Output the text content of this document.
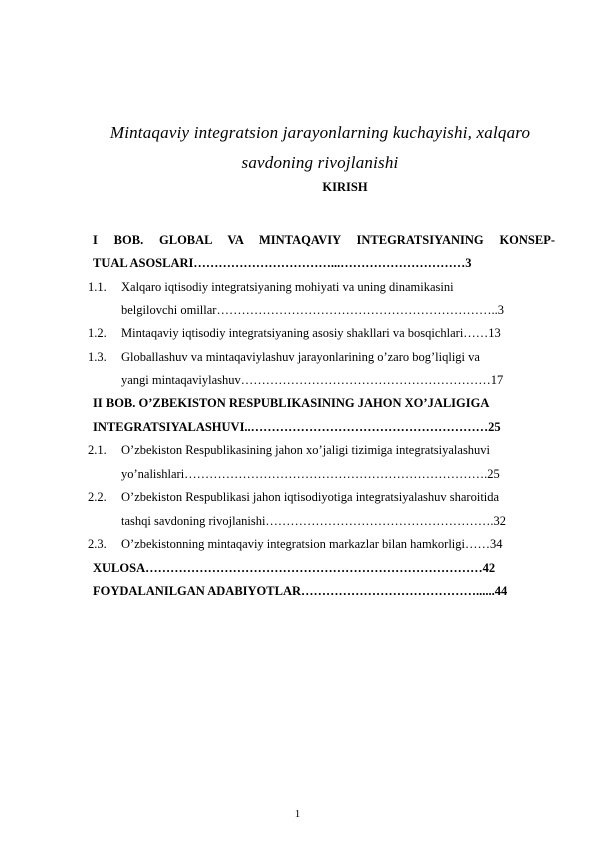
Mintaqaviy integratsion jarayonlarning kuchayishi, xalqaro
savdoning rivojlanishi
KIRISH
I BOB. GLOBAL VA MINTAQAVIY INTEGRATSIYANING KONSEP-
TUAL ASOSLARI……………………………...…………………………3
1.1. Xalqaro iqtisodiy integratsiyaning mohiyati va uning dinamikasini
belgilovchi omillar…………………………………………………………..3
1.2. Mintaqaviy iqtisodiy integratsiyaning asosiy shakllari va bosqichlari……13
1.3. Globallashuv va mintaqaviylashuv jarayonlarining o’zaro bog’liqligi va
yangi mintaqaviylashuv……………………………………………………17
II BOB. O’ZBEKISTON RESPUBLIKASINING JAHON XO’JALIGIGA
INTEGRATSIYALASHUVI..…………………………………………………25
2.1. O’zbekiston Respublikasining jahon xo’jaligi tizimiga integratsiyalashuvi
yo’nalishlari……………………………………………………………….25
2.2. O’zbekiston Respublikasi jahon iqtisodiyotiga integratsiyalashuv sharoitida
tashqi savdoning rivojlanishi……………………………………………….32
2.3. O’zbekistonning mintaqaviy integratsion markazlar bilan hamkorligi……34
XULOSA………………………………………………………………………42
FOYDALANILGAN ADABIYOTLAR……………………………………......44
1
